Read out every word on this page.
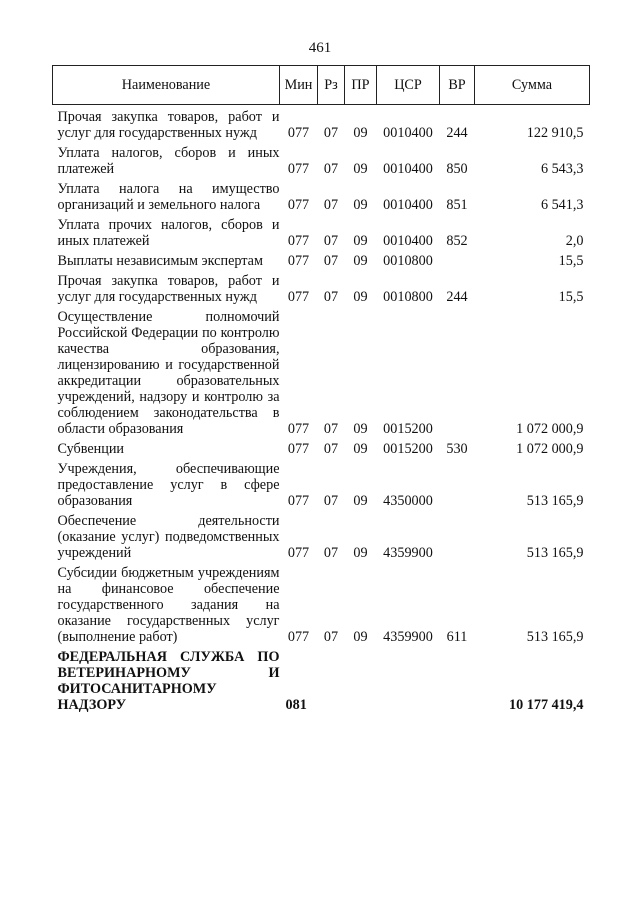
461
Наименование	Мин	Рз	ПР	ЦСР	ВР	Сумма
Прочая закупка товаров, работ и услуг для государственных нужд	077	07	09	0010400	244	122 910,5
Уплата налогов, сборов и иных платежей	077	07	09	0010400	850	6 543,3
Уплата налога на имущество организаций и земельного налога	077	07	09	0010400	851	6 541,3
Уплата прочих налогов, сборов и иных платежей	077	07	09	0010400	852	2,0
Выплаты независимым экспертам	077	07	09	0010800		15,5
Прочая закупка товаров, работ и услуг для государственных нужд	077	07	09	0010800	244	15,5
Осуществление полномочий Российской Федерации по контролю качества образования, лицензированию и государственной аккредитации образовательных учреждений, надзору и контролю за соблюдением законодательства в области образования	077	07	09	0015200		1 072 000,9
Субвенции	077	07	09	0015200	530	1 072 000,9
Учреждения, обеспечивающие предоставление услуг в сфере образования	077	07	09	4350000		513 165,9
Обеспечение деятельности (оказание услуг) подведомственных учреждений	077	07	09	4359900		513 165,9
Субсидии бюджетным учреждениям на финансовое обеспечение государственного задания на оказание государственных услуг (выполнение работ)	077	07	09	4359900	611	513 165,9
ФЕДЕРАЛЬНАЯ СЛУЖБА ПО ВЕТЕРИНАРНОМУ И ФИТОСАНИТАРНОМУ НАДЗОРУ	081					10 177 419,4
